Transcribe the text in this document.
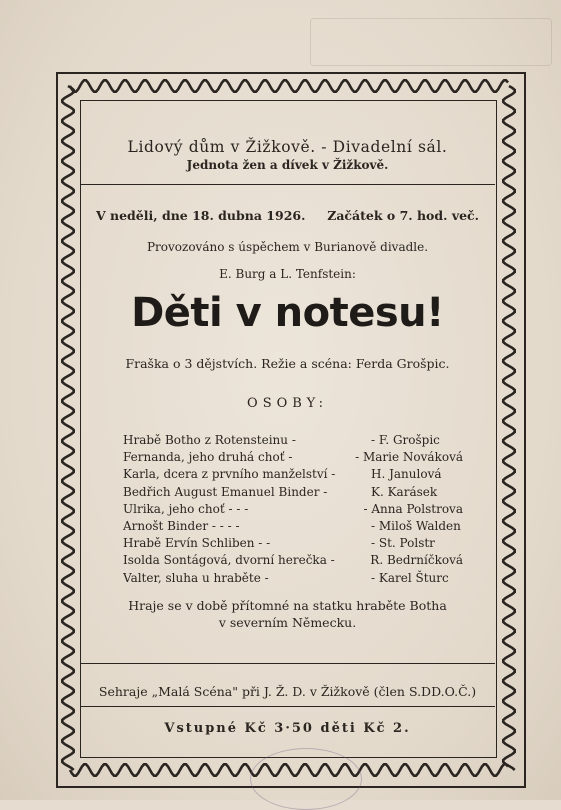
Lidový dům v Žižkově. - Divadelní sál.
Jednota žen a dívek v Žižkově.
V neděli, dne 18. dubna 1926. Začátek o 7. hod. več.
Provozováno s úspěchem v Burianově divadle.
E. Burg a L. Tenfstein:
Děti v notesu!
Fraška o 3 dějstvích. Režie a scéna: Ferda Grošpic.
OSOBY:
Hrabě Botho z Rotensteinu -	- F. Grošpic
Fernanda, jeho druhá choť -	- Marie Nováková
Karla, dcera z prvního manželství -	H. Janulová
Bedřich August Emanuel Binder -	K. Karásek
Ulrika, jeho choť - - -	- Anna Polstrova
Arnošt Binder - - - -	- Miloš Walden
Hrabě Ervín Schliben - -	- St. Polstr
Isolda Sontágová, dvorní herečka -	R. Bedrníčková
Valter, sluha u hraběte -	- Karel Šturc
Hraje se v době přítomné na statku hraběte Botha
v severním Německu.
Sehraje „Malá Scéna" při J. Ž. D. v Žižkově (člen S.DD.O.Č.)
Vstupné Kč 3·50 děti Kč 2.
